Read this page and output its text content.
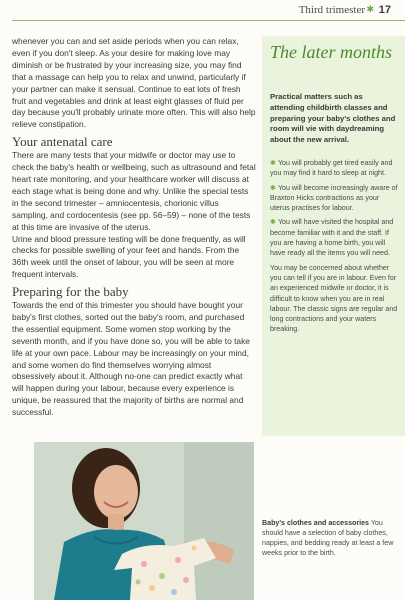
Third trimester ✱ 17

whenever you can and set aside periods when you can relax, even if you don't sleep. As your desire for making love may diminish or be frustrated by your increasing size, you may find that a massage can help you to relax and unwind, particularly if your partner can make it sensual. Continue to eat lots of fresh fruit and vegetables and drink at least eight glasses of fluid per day because you'll probably urinate more often. This will also help relieve constipation.

Your antenatal care

There are many tests that your midwife or doctor may use to check the baby's health or wellbeing, such as ultrasound and fetal heart rate monitoring, and your healthcare worker will discuss at each stage what is being done and why. Unlike the special tests in the second trimester – amniocentesis, chorionic villus sampling, and cordocentesis (see pp. 56–59) – none of the tests at this time are invasive of the uterus.

Urine and blood pressure testing will be done frequently, as will checks for possible swelling of your feet and hands. From the 36th week until the onset of labour, you will be seen at more frequent intervals.

Preparing for the baby

Towards the end of this trimester you should have bought your baby's first clothes, sorted out the baby's room, and purchased the essential equipment. Some women stop working by the seventh month, and if you have done so, you will be able to take life at your own pace. Labour may be increasingly on your mind, and some women do find themselves worrying almost obsessively about it. Although no-one can predict exactly what will happen during your labour, because every experience is unique, be reassured that the majority of births are normal and successful.

The later months
Practical matters such as attending childbirth classes and preparing your baby's clothes and room will vie with daydreaming about the new arrival.
✱ You will probably get tired easily and you may find it hard to sleep at night.
✱ You will become increasingly aware of Braxton Hicks contractions as your uterus practises for labour.
✱ You will have visited the hospital and become familiar with it and the staff. If you are having a home birth, you will have ready all the items you will need.
You may be concerned about whether you can tell if you are in labour. Even for an experienced midwife or doctor, it is difficult to know when you are in real labour. The classic signs are regular and long contractions and your waters breaking.
Baby's clothes and accessories You should have a selection of baby clothes, nappies, and bedding ready at least a few weeks prior to the birth.
